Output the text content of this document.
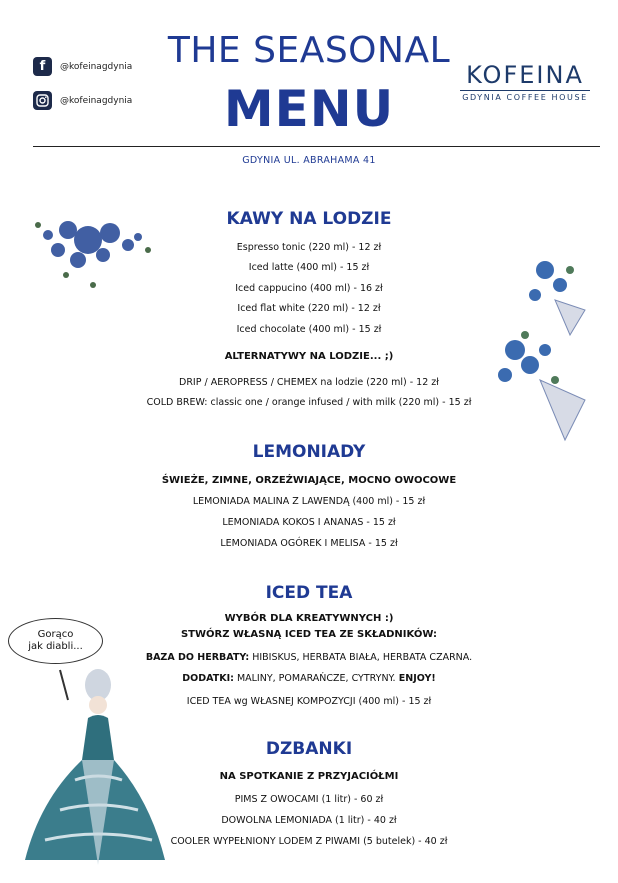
f	@kofeinagdynia
@kofeinagdynia
THE SEASONAL
MENU
KOFEINA
GDYNIA COFFEE HOUSE
GDYNIA UL. ABRAHAMA 41
KAWY NA LODZIE
Espresso tonic (220 ml) - 12 zł
Iced latte (400 ml) - 15 zł
Iced cappucino (400 ml) - 16 zł
Iced flat white (220 ml) - 12 zł
Iced chocolate (400 ml) - 15 zł
ALTERNATYWY NA LODZIE... ;)
DRIP / AEROPRESS / CHEMEX na lodzie (220 ml) - 12 zł
COLD BREW: classic one / orange infused / with milk (220 ml) - 15 zł
LEMONIADY
ŚWIEŻE, ZIMNE, ORZEŹWIAJĄCE, MOCNO OWOCOWE
LEMONIADA MALINA Z LAWENDĄ (400 ml) - 15 zł
LEMONIADA KOKOS I ANANAS - 15 zł
LEMONIADA OGÓREK I MELISA - 15 zł
ICED TEA
WYBÓR DLA KREATYWNYCH :)
STWÓRZ WŁASNĄ ICED TEA ZE SKŁADNIKÓW:
BAZA DO HERBATY: HIBISKUS, HERBATA BIAŁA, HERBATA CZARNA.
DODATKI: MALINY, POMARAŃCZE, CYTRYNY. ENJOY!
ICED TEA wg WŁASNEJ KOMPOZYCJI (400 ml) - 15 zł
Gorąco
jak diabli...
DZBANKI
NA SPOTKANIE Z PRZYJACIÓŁMI
PIMS Z OWOCAMI (1 litr) - 60 zł
DOWOLNA LEMONIADA (1 litr) - 40 zł
COOLER WYPEŁNIONY LODEM Z PIWAMI (5 butelek) - 40 zł
